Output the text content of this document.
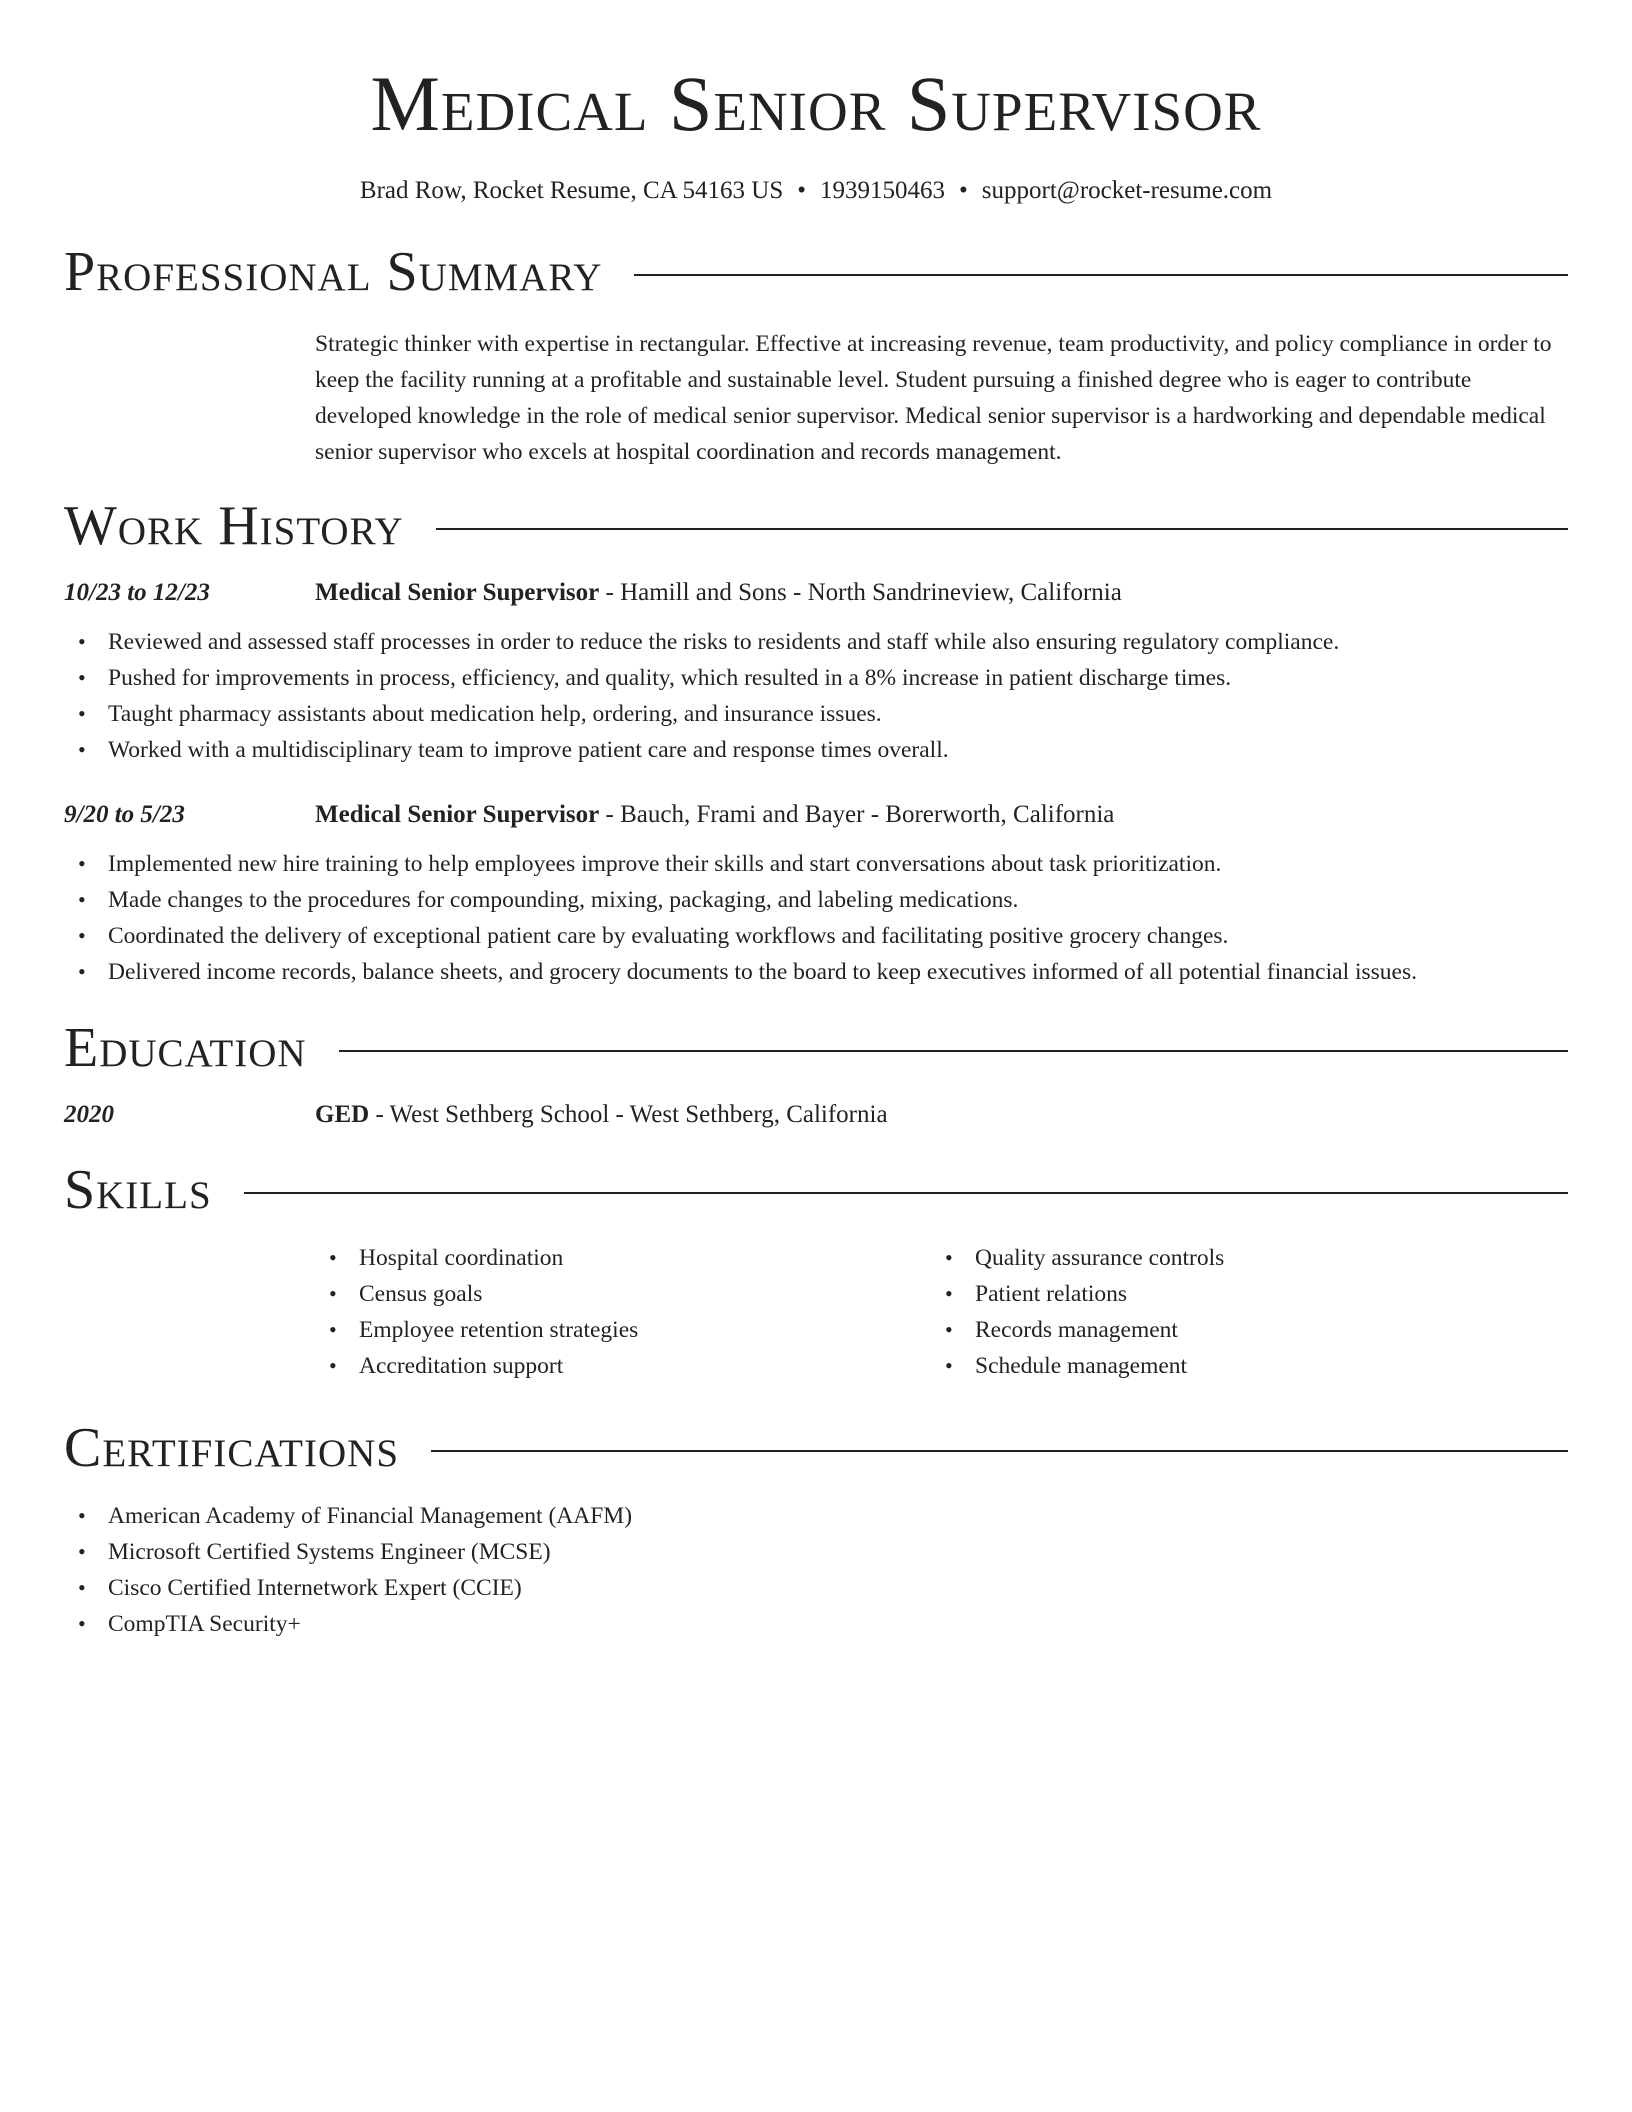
Medical Senior Supervisor
Brad Row, Rocket Resume, CA 54163 US • 1939150463 • support@rocket-resume.com
Professional Summary
Strategic thinker with expertise in rectangular. Effective at increasing revenue, team productivity, and policy compliance in order to keep the facility running at a profitable and sustainable level. Student pursuing a finished degree who is eager to contribute developed knowledge in the role of medical senior supervisor. Medical senior supervisor is a hardworking and dependable medical senior supervisor who excels at hospital coordination and records management.
Work History
10/23 to 12/23	Medical Senior Supervisor - Hamill and Sons - North Sandrineview, California
• Reviewed and assessed staff processes in order to reduce the risks to residents and staff while also ensuring regulatory compliance.
• Pushed for improvements in process, efficiency, and quality, which resulted in a 8% increase in patient discharge times.
• Taught pharmacy assistants about medication help, ordering, and insurance issues.
• Worked with a multidisciplinary team to improve patient care and response times overall.
9/20 to 5/23	Medical Senior Supervisor - Bauch, Frami and Bayer - Borerworth, California
• Implemented new hire training to help employees improve their skills and start conversations about task prioritization.
• Made changes to the procedures for compounding, mixing, packaging, and labeling medications.
• Coordinated the delivery of exceptional patient care by evaluating workflows and facilitating positive grocery changes.
• Delivered income records, balance sheets, and grocery documents to the board to keep executives informed of all potential financial issues.
Education
2020	GED - West Sethberg School - West Sethberg, California
Skills
• Hospital coordination
• Census goals
• Employee retention strategies
• Accreditation support
• Quality assurance controls
• Patient relations
• Records management
• Schedule management
Certifications
• American Academy of Financial Management (AAFM)
• Microsoft Certified Systems Engineer (MCSE)
• Cisco Certified Internetwork Expert (CCIE)
• CompTIA Security+
